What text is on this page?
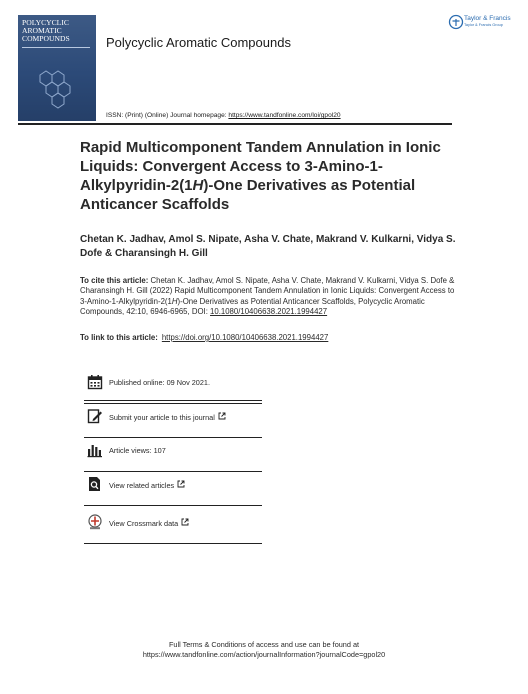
POLYCYCLIC
AROMATIC
COMPOUNDS	Polycyclic Aromatic Compounds
Taylor & Francis
Taylor & Francis Group
ISSN: (Print) (Online) Journal homepage: https://www.tandfonline.com/loi/gpol20
Rapid Multicomponent Tandem Annulation in Ionic Liquids: Convergent Access to 3-Amino-1-Alkylpyridin-2(1H)-One Derivatives as Potential Anticancer Scaffolds
Chetan K. Jadhav, Amol S. Nipate, Asha V. Chate, Makrand V. Kulkarni, Vidya S. Dofe & Charansingh H. Gill
To cite this article: Chetan K. Jadhav, Amol S. Nipate, Asha V. Chate, Makrand V. Kulkarni, Vidya S. Dofe & Charansingh H. Gill (2022) Rapid Multicomponent Tandem Annulation in Ionic Liquids: Convergent Access to 3-Amino-1-Alkylpyridin-2(1H)-One Derivatives as Potential Anticancer Scaffolds, Polycyclic Aromatic Compounds, 42:10, 6946-6965, DOI: 10.1080/10406638.2021.1994427
To link to this article: https://doi.org/10.1080/10406638.2021.1994427
Published online: 09 Nov 2021.
Submit your article to this journal
Article views: 107
View related articles
View Crossmark data
Full Terms & Conditions of access and use can be found at
https://www.tandfonline.com/action/journalInformation?journalCode=gpol20
